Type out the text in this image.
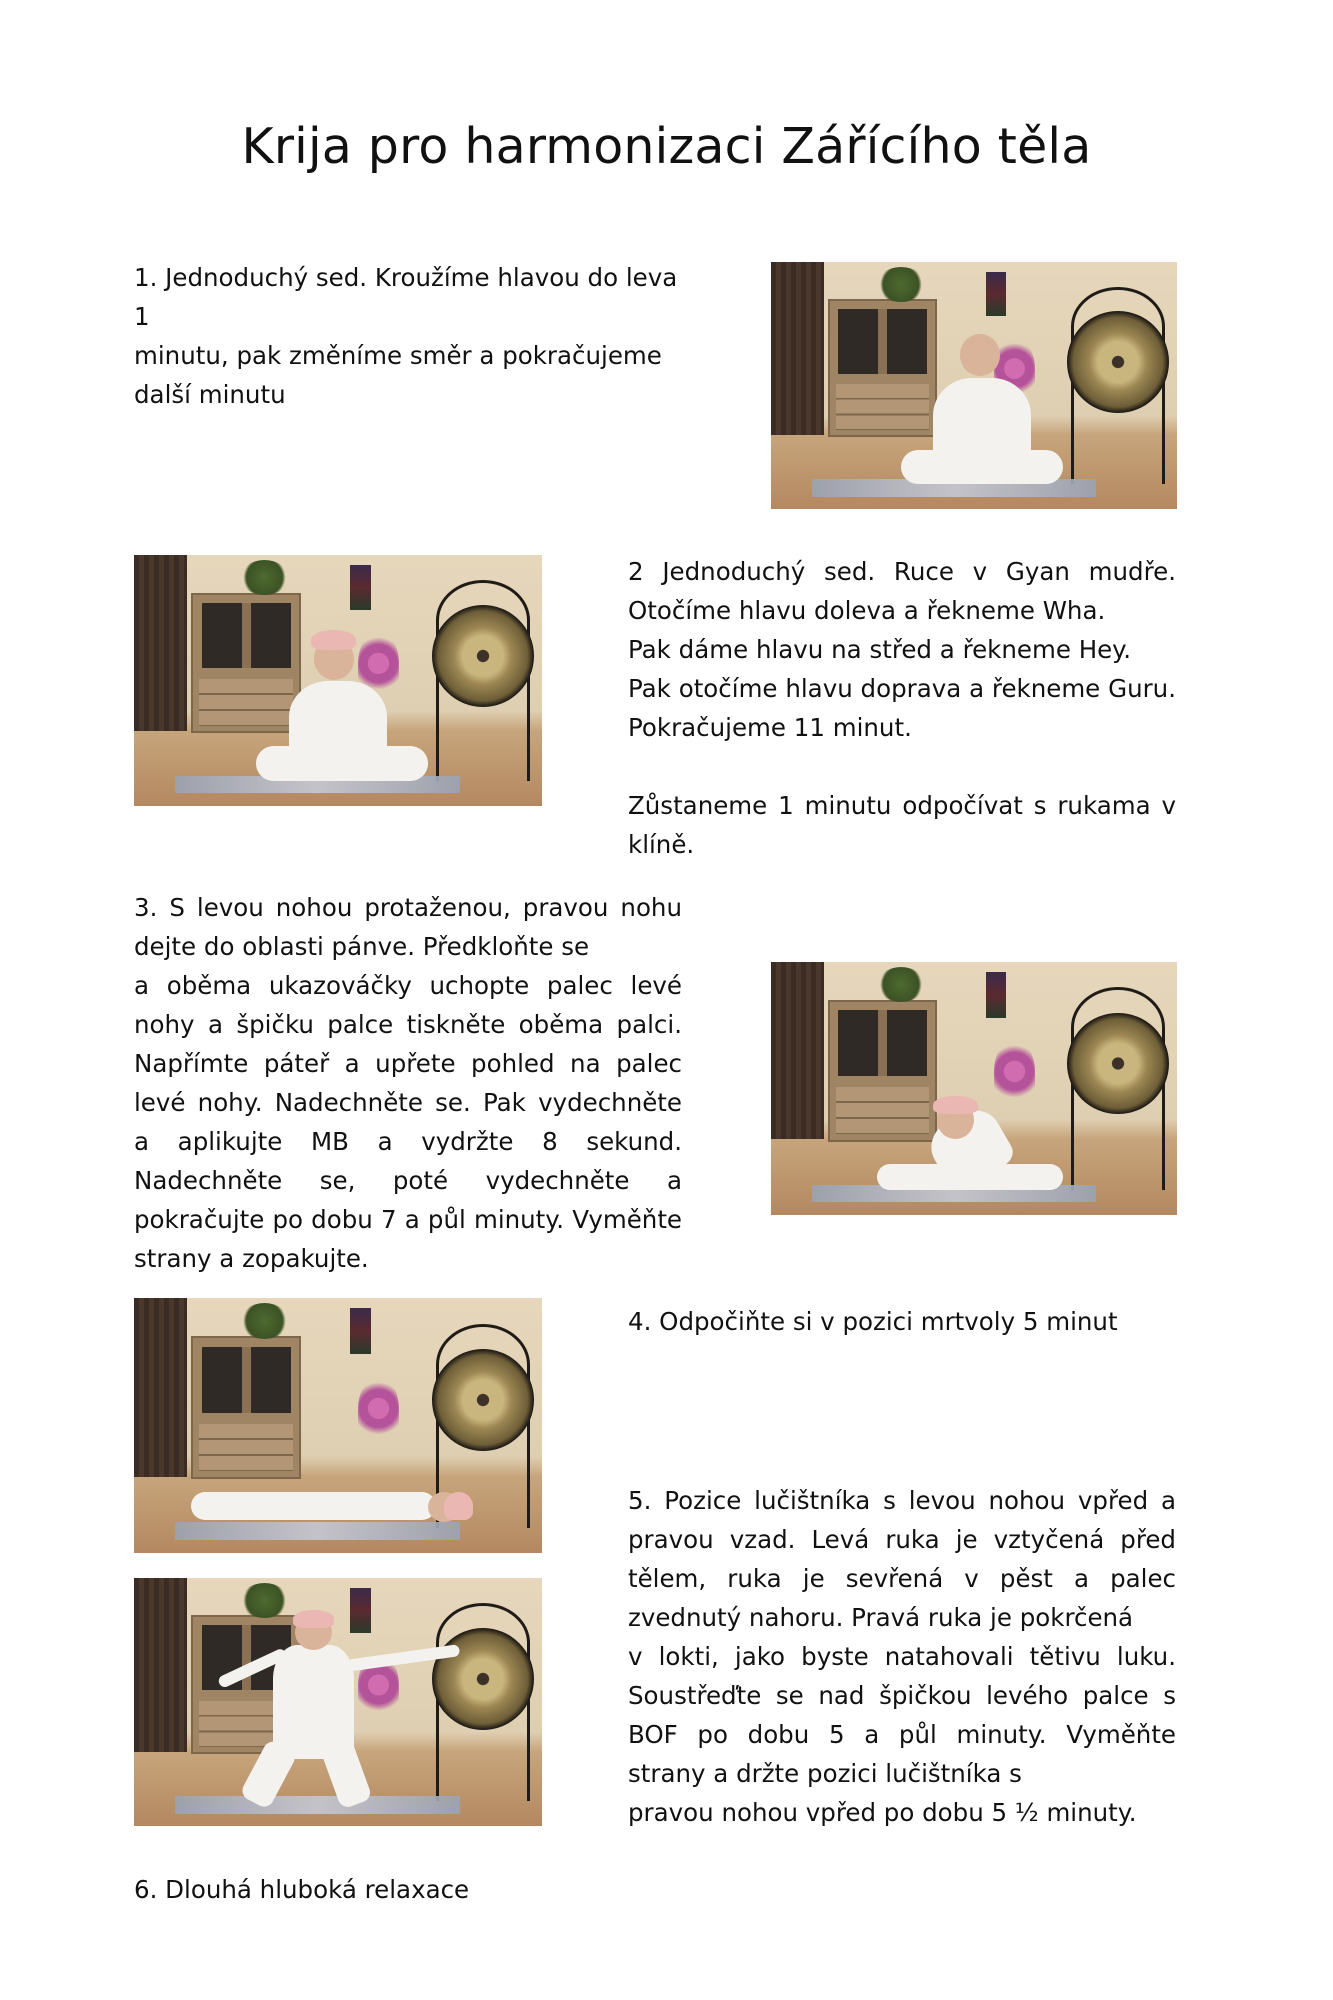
Krija pro harmonizaci Zářícího těla

1. Jednoduchý sed. Kroužíme hlavou do leva 1

minutu, pak změníme směr a pokračujeme

další minutu

2 Jednoduchý sed. Ruce v Gyan mudře. Otočíme hlavu doleva a řekneme Wha.

Pak dáme hlavu na střed a řekneme Hey.

Pak otočíme hlavu doprava a řekneme Guru. Pokračujeme 11 minut.

Zůstaneme 1 minutu odpočívat s rukama v klíně.

3. S levou nohou protaženou, pravou nohu dejte do oblasti pánve. Předkloňte se

a oběma ukazováčky uchopte palec levé nohy a špičku palce tiskněte oběma palci. Napřímte páteř a upřete pohled na palec levé nohy. Nadechněte se. Pak vydechněte a aplikujte MB a vydržte 8 sekund. Nadechněte se, poté vydechněte a pokračujte po dobu 7 a půl minuty. Vyměňte strany a zopakujte.

4. Odpočiňte si v pozici mrtvoly 5 minut

5. Pozice lučištníka s levou nohou vpřed a pravou vzad. Levá ruka je vztyčená před tělem, ruka je sevřená v pěst a palec zvednutý nahoru. Pravá ruka je pokrčená

v lokti, jako byste natahovali tětivu luku. Soustřeďte se nad špičkou levého palce s BOF po dobu 5 a půl minuty. Vyměňte strany a držte pozici lučištníka s

pravou nohou vpřed po dobu 5 ½ minuty.

6. Dlouhá hluboká relaxace
